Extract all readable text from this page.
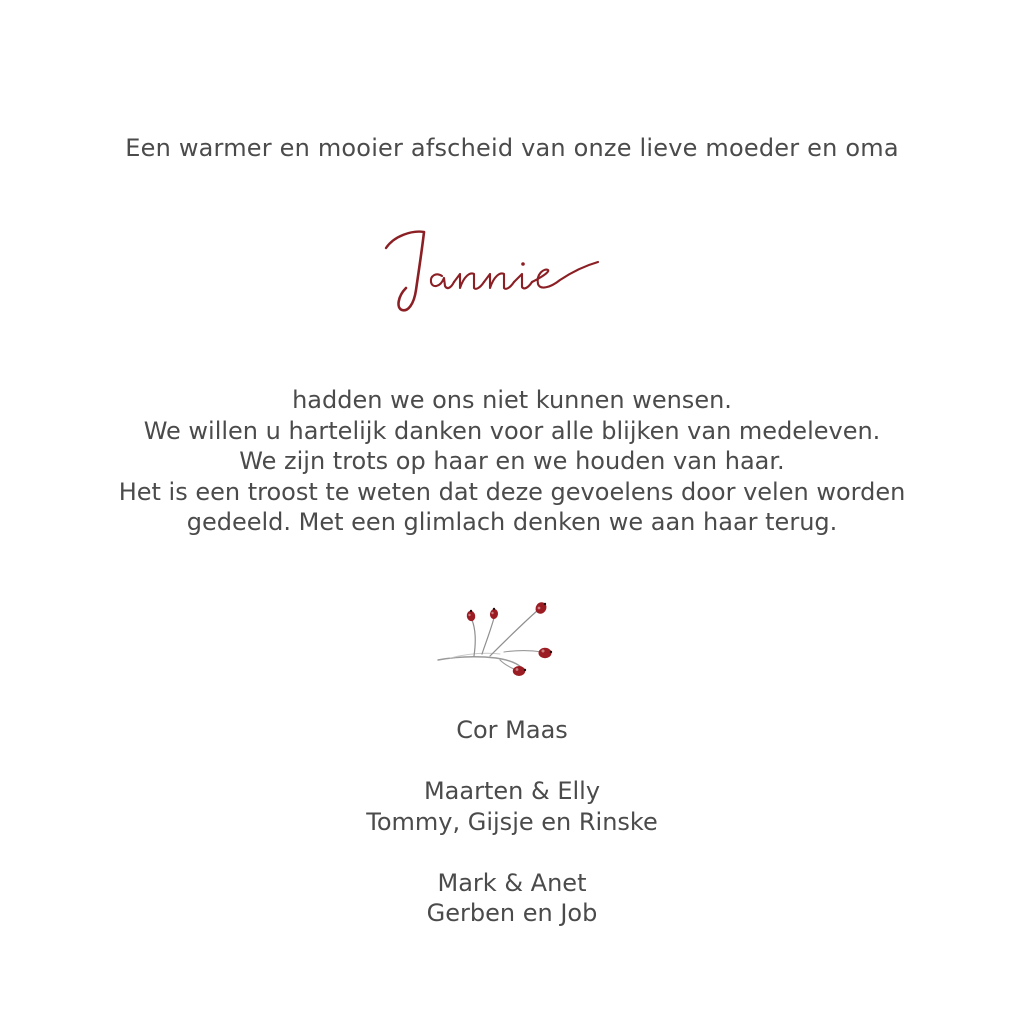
Een warmer en mooier afscheid van onze lieve moeder en oma
hadden we ons niet kunnen wensen.
We willen u hartelijk danken voor alle blijken van medeleven.
We zijn trots op haar en we houden van haar.
Het is een troost te weten dat deze gevoelens door velen worden
gedeeld. Met een glimlach denken we aan haar terug.
Cor Maas
Maarten & Elly
Tommy, Gijsje en Rinske
Mark & Anet
Gerben en Job
